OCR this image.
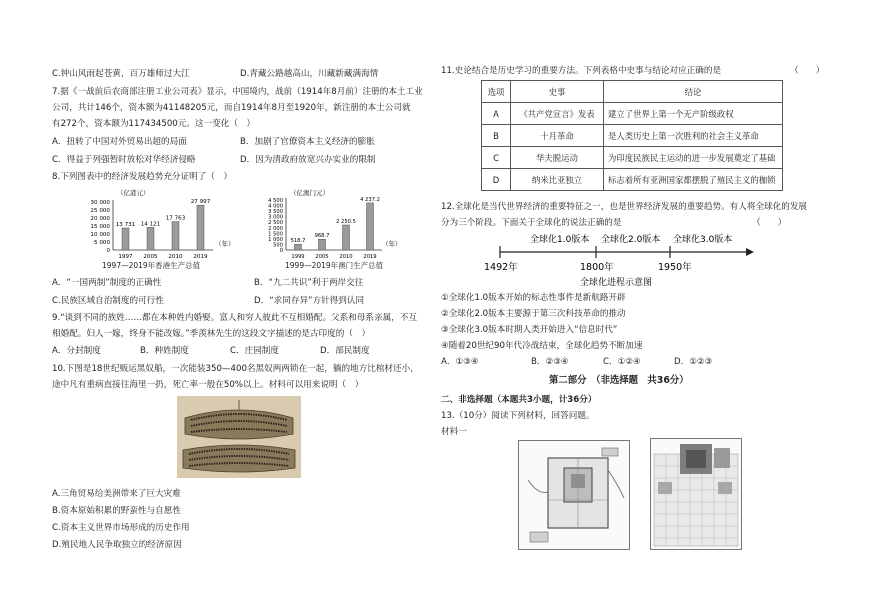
C.钟山风雨起苍黄，百万雄师过大江	D.青藏公路越高山，川藏新藏满海情
7.据《一战前后农商部注册工业公司表》显示，中国境内，战前（1914年8月前）注册的本土工业
公司，共计146个，资本额为41148205元，而自1914年8月至1920年，新注册的本土公司就
有272个，资本额为117434500元。这一变化（　）
A．扭转了中国对外贸易出超的局面	B．加剧了官僚资本主义经济的膨胀
C．得益于列强暂时放松对华经济侵略	D．因为清政府放宽兴办实业的限制
8.下列图表中的经济发展趋势充分证明了（　）
（亿港元）
（年）
30 000
25 000
20 000
15 000
10 000
5 000
0
13 731
1997
14 121
2005
17 763
2010
27 997
2019
1997—2019年香港生产总值
（亿澳门元）
（年）
4 500
4 000
3 500
3 000
2 500
2 000
1 500
1 000
500
0
518.7
1999
968.7
2005
2 250.5
2010
4 237.2
2019
1999—2019年澳门生产总值
A．“一国两制”制度的正确性	B．“九二共识”利于两岸交往
C.民族区域自治制度的可行性	D．“求同存异”方针得到认同
9.“谈到不同的族姓……都在本种姓内婚娶。富人和穷人彼此不互相婚配。父系和母系亲属，不互
相婚配。妇人一嫁，终身不能改嫁。”季羡林先生的这段文字描述的是古印度的（　）
A．分封制度	B．种姓制度	C．庄园制度	D．部民制度
10.下图是18世纪贩运黑奴船，一次能装350—400名黑奴两两锁在一起，躺的地方比棺材还小，
途中凡有重病直接往海里一扔，死亡率一般在50%以上。材料可以用来说明（　）
A.三角贸易给美洲带来了巨大灾难
B.资本原始积累的野蛮性与自愿性
C.资本主义世界市场形成的历史作用
D.殖民地人民争取独立的经济原因
11.史论结合是历史学习的重要方法。下列表格中史事与结论对应正确的是	（　　）
选项	史事	结论
A	《共产党宣言》发表	建立了世界上第一个无产阶级政权
B	十月革命	是人类历史上第一次胜利的社会主义革命
C	华夫脱运动	为印度民族民主运动的进一步发展奠定了基础
D	纳米比亚独立	标志着所有亚洲国家都摆脱了殖民主义的枷锁
12.全球化是当代世界经济的重要特征之一，也是世界经济发展的重要趋势。有人将全球化的发展
分为三个阶段。下面关于全球化的说法正确的是	（　　）
全球化1.0版本 全球化2.0版本 全球化3.0版本
1492年	1800年	1950年
全球化进程示意图
①全球化1.0版本开始的标志性事件是新航路开辟
②全球化2.0版本主要源于第三次科技革命的推动
③全球化3.0版本时期人类开始进入“信息时代”
④随着20世纪90年代冷战结束，全球化趋势不断加速
A．①③④	B．②③④	C．①②④	D．①②③
第二部分　（非选择题　共36分）
二、非选择题（本题共3小题，计36分）
13.（10分）阅读下列材料，回答问题。
材料一
